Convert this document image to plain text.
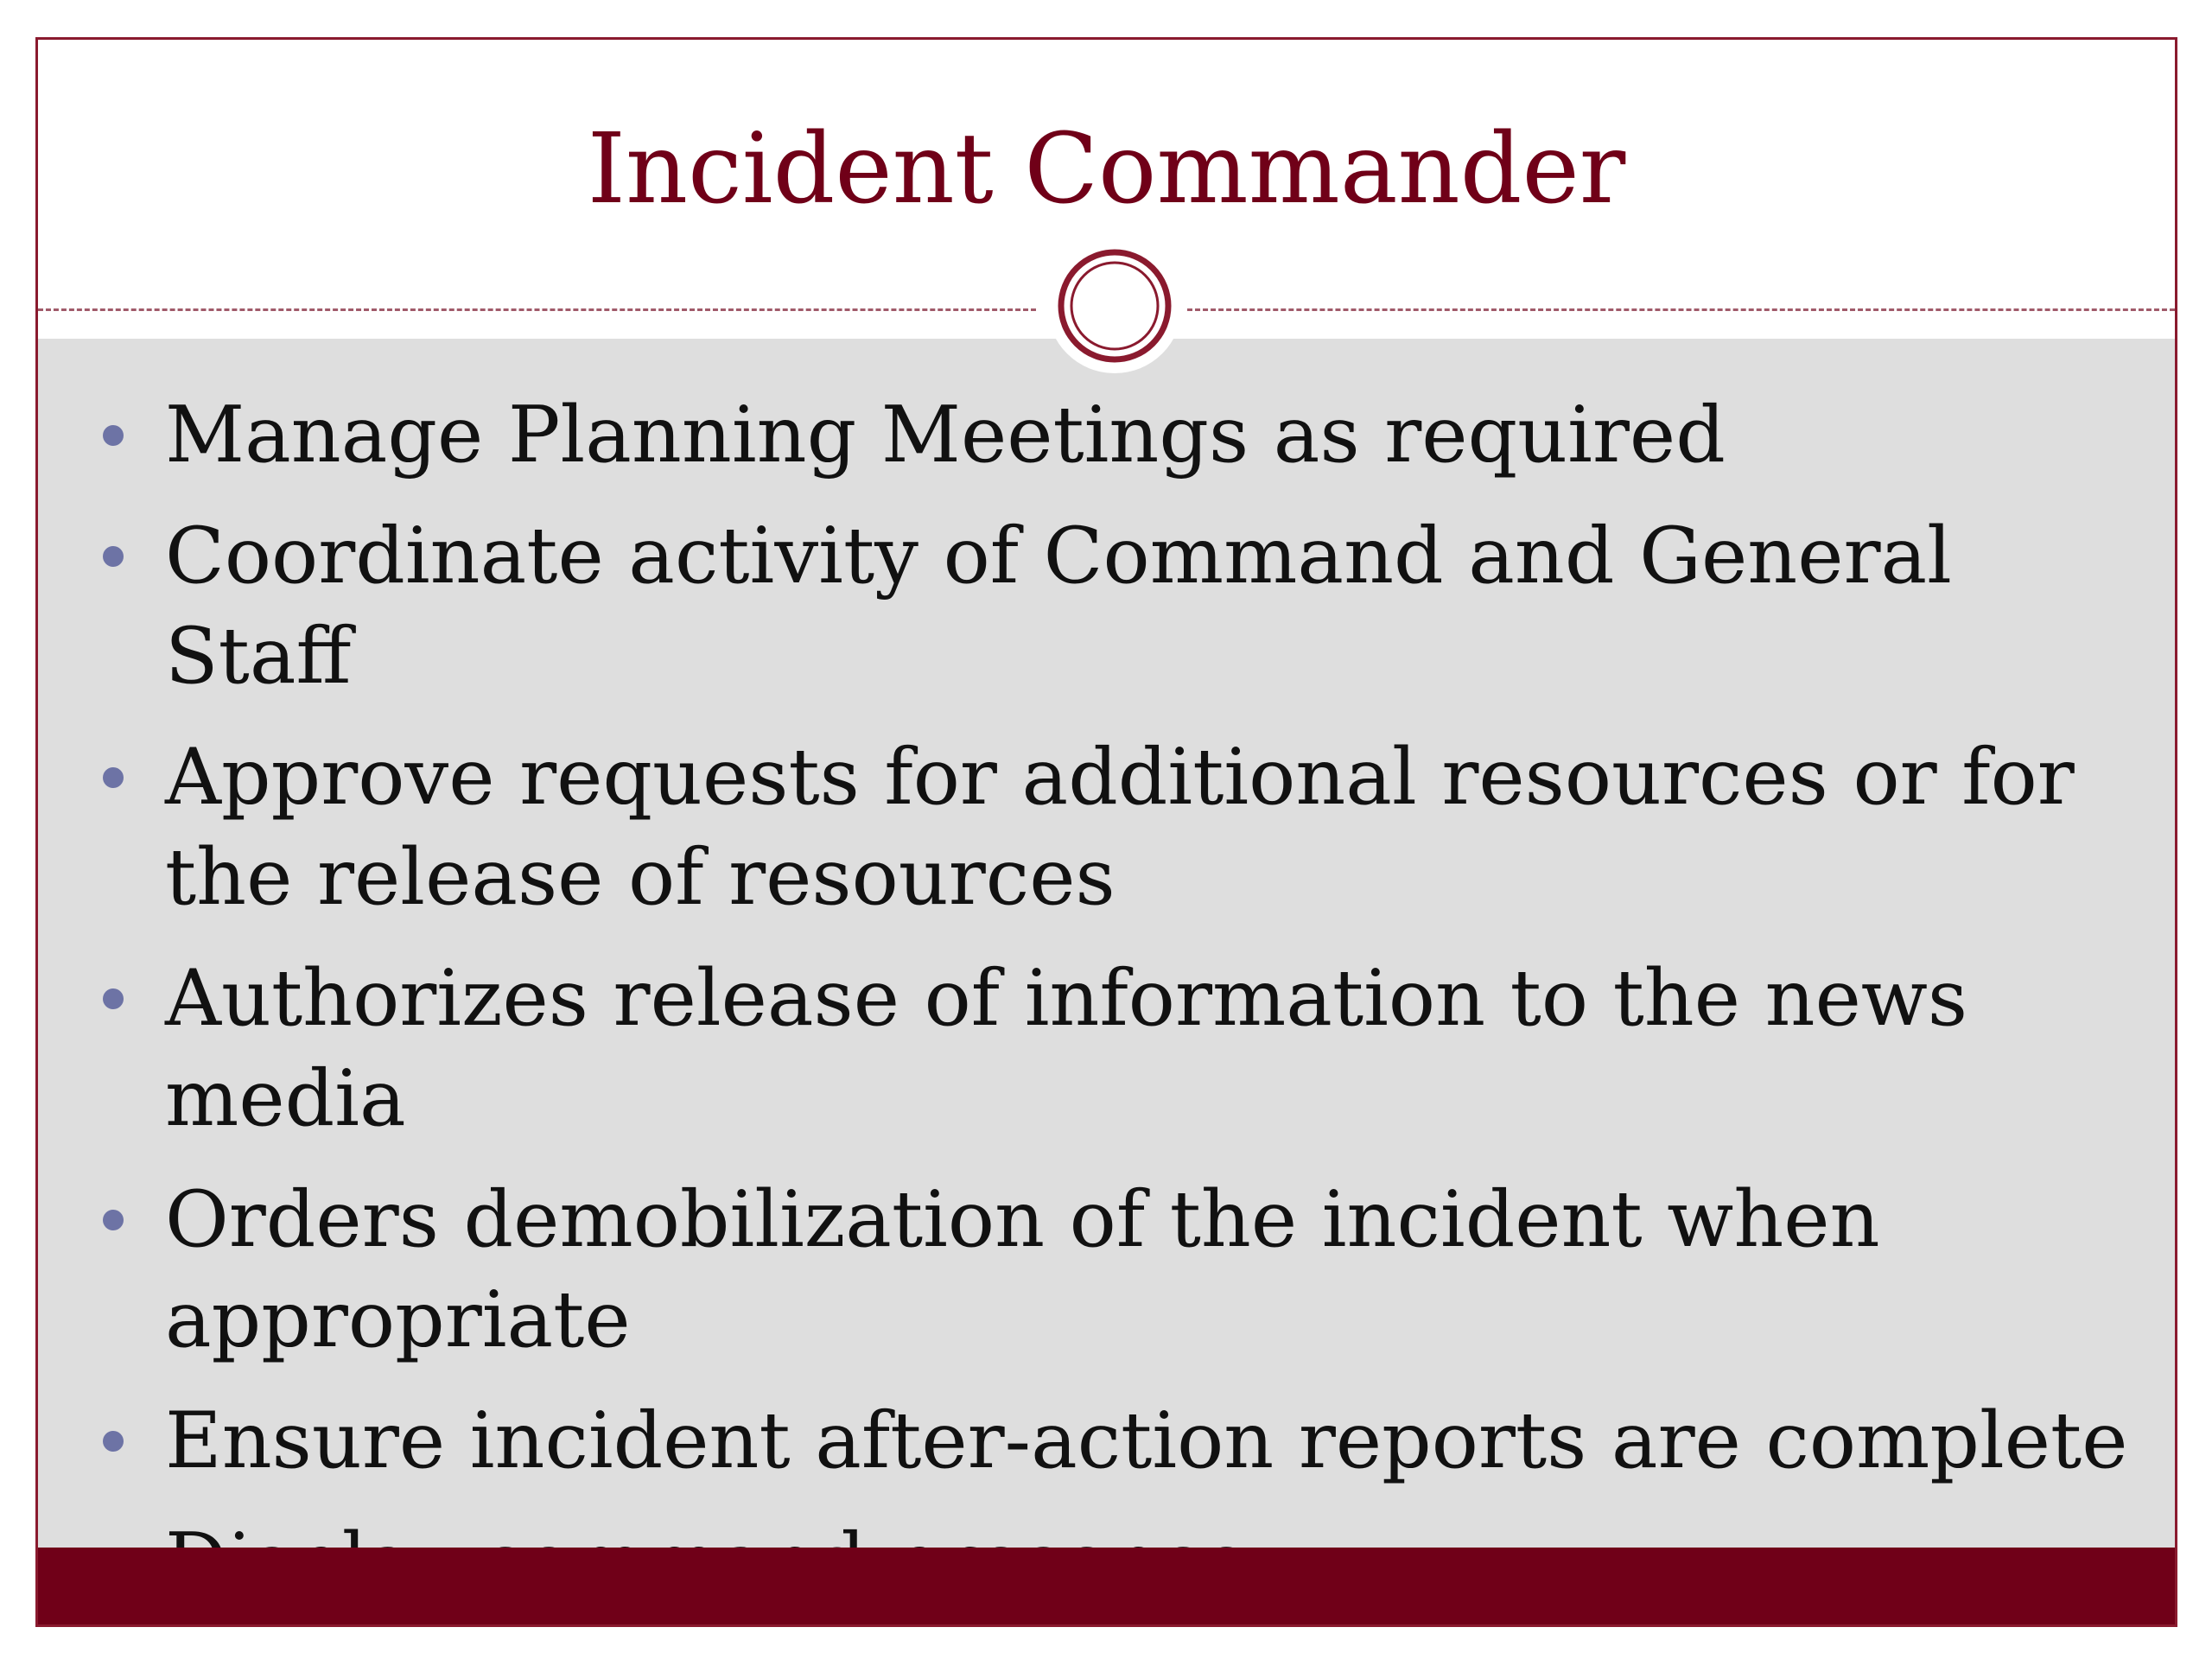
Incident Commander
Manage Planning Meetings as required
Coordinate activity of Command and General Staff
Approve requests for additional resources or for the release of resources
Authorizes release of information to the news media
Orders demobilization of the incident when appropriate
Ensure incident after-action reports are complete
